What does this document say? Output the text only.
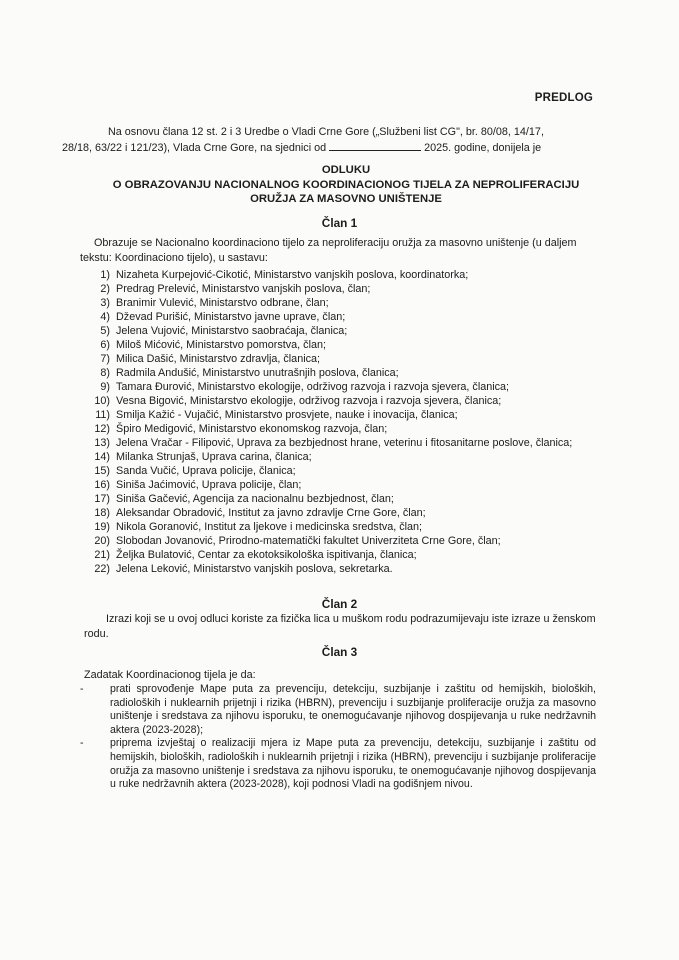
PREDLOG
Na osnovu člana 12 st. 2 i 3 Uredbe o Vladi Crne Gore („Službeni list CG", br. 80/08, 14/17,
28/18, 63/22 i 121/23), Vlada Crne Gore, na sjednici od	2025. godine, donijela je
ODLUKU
O OBRAZOVANJU NACIONALNOG KOORDINACIONOG TIJELA ZA NEPROLIFERACIJU
ORUŽJA ZA MASOVNO UNIŠTENJE
Član 1
Obrazuje se Nacionalno koordinaciono tijelo za neproliferaciju oružja za masovno uništenje (u daljem tekstu: Koordinaciono tijelo), u sastavu:
1) Nizaheta Kurpejović-Cikotić, Ministarstvo vanjskih poslova, koordinatorka;
2) Predrag Prelević, Ministarstvo vanjskih poslova, član;
3) Branimir Vulević, Ministarstvo odbrane, član;
4) Dževad Purišić, Ministarstvo javne uprave, član;
5) Jelena Vujović, Ministarstvo saobraćaja, članica;
6) Miloš Mićović, Ministarstvo pomorstva, član;
7) Milica Dašić, Ministarstvo zdravlja, članica;
8) Radmila Andušić, Ministarstvo unutrašnjih poslova, članica;
9) Tamara Đurović, Ministarstvo ekologije, održivog razvoja i razvoja sjevera, članica;
10) Vesna Bigović, Ministarstvo ekologije, održivog razvoja i razvoja sjevera, članica;
11) Smilja Kažić - Vujačić, Ministarstvo prosvjete, nauke i inovacija, članica;
12) Špiro Medigović, Ministarstvo ekonomskog razvoja, član;
13) Jelena Vračar - Filipović, Uprava za bezbjednost hrane, veterinu i fitosanitarne poslove, članica;
14) Milanka Strunjaš, Uprava carina, članica;
15) Sanda Vučić, Uprava policije, članica;
16) Siniša Jaćimović, Uprava policije, član;
17) Siniša Gačević, Agencija za nacionalnu bezbjednost, član;
18) Aleksandar Obradović, Institut za javno zdravlje Crne Gore, član;
19) Nikola Goranović, Institut za ljekove i medicinska sredstva, član;
20) Slobodan Jovanović, Prirodno-matematički fakultet Univerziteta Crne Gore, član;
21) Željka Bulatović, Centar za ekotoksikološka ispitivanja, članica;
22) Jelena Leković, Ministarstvo vanjskih poslova, sekretarka.
Član 2
Izrazi koji se u ovoj odluci koriste za fizička lica u muškom rodu podrazumijevaju iste izraze u ženskom rodu.
Član 3
Zadatak Koordinacionog tijela je da:
-	prati sprovođenje Mape puta za prevenciju, detekciju, suzbijanje i zaštitu od hemijskih, bioloških, radioloških i nuklearnih prijetnji i rizika (HBRN), prevenciju i suzbijanje proliferacije oružja za masovno uništenje i sredstava za njihovu isporuku, te onemogućavanje njihovog dospijevanja u ruke nedržavnih aktera (2023-2028);
-	priprema izvještaj o realizaciji mjera iz Mape puta za prevenciju, detekciju, suzbijanje i zaštitu od hemijskih, bioloških, radioloških i nuklearnih prijetnji i rizika (HBRN), prevenciju i suzbijanje proliferacije oružja za masovno uništenje i sredstava za njihovu isporuku, te onemogućavanje njihovog dospijevanja u ruke nedržavnih aktera (2023-2028), koji podnosi Vladi na godišnjem nivou.
